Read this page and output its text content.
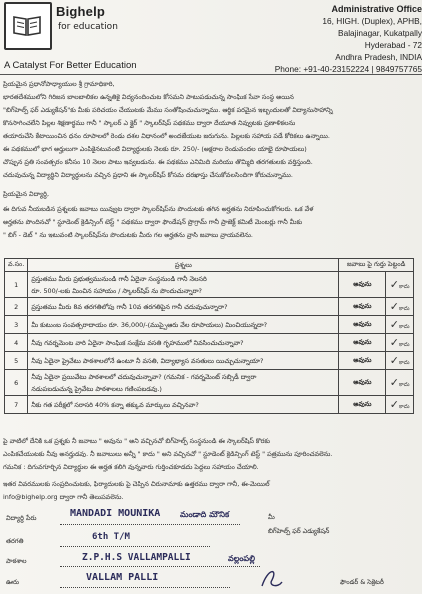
Bighelp
for education
A Catalyst For Better Education
Administrative Office
16, HIGH. (Duplex), APHB,
Balajinagar, Kukatpally
Hyderabad - 72
Andhra Pradesh, INDIA
Phone: +91-40-23152224 | 9849757765
ప్రియమైన ప్రధానోపాధ్యాయుల శ్రీ గ్రామాధికారి,
భారతదేశములోని గిరిజన బాలబాలికల ఉన్నతికై విద్యనందించుట కోసమని పాటుపడుచున్న సాంఘిక సేవా సంస్థ అయిన
"బిగ్‌హెల్ప్ ఫర్ ఎడ్యుకేషన్"కు మీకు పరిచయం చేయుటకు మేము సంతోషించుచున్నాము. ఆర్థిక పరమైన ఇబ్బందులతో విద్యానుసాహాన్ని
కొనసాగించలేని పిల్లల శిక్షణార్థము గానీ " స్కాలర్ ఎ క్లైర్ " స్కాలర్‌షిప్ పథకము ద్వారా దేయూత నివ్వుటకు ప్రణాళికలను
తయారుచేసి కేటాయించిన ధనం రూపాలలో రెండు దశల విధానంలో అందజేయుట జరుగును. పిల్లలకు సహాయ పడే కోరికలు ఉన్నాయి.
ఈ పథకములో భాగ అర్హులుగా ఎంపికైనటువంటి విద్యార్థులకు నెలకు రూ. 250/- (అక్షరాల రెండువందల యాభై రూపాయలు)
చొప్పున ప్రతి సంవత్సరం కనీసం 10 నెలల పాటు ఇవ్వబడును. ఈ పథకము ఎనిమిది మరియు తొమ్మిది తరగతులకు వర్తిస్తుంది.
చదువుచున్న విద్యార్థిని విద్యార్థులను వచ్చిన ప్రధాని ఈ స్కాలర్‌షిప్ కోసమ దరఖాస్తు చేసుకోవలసిందిగా కోరుచున్నాము.
ప్రియమైన విద్యార్థి,
ఈ దిగువ నీయబడిన ప్రశ్నలకు జవాబు యివ్వుట ద్వారా స్కాలర్‌షిప్‌ను పొందుటకు తగిన అర్హతను నిరూపించుకోగలరు. ఒక వేళ
అర్హతను పొందినచో " స్టూడెంట్ క్రెడిన్సింగ్ టెస్ట్ " పథకము ద్వారా ఫౌండేషన్ ప్రొగ్రామ్ గానీ ప్రాజెక్ట్ కమిటీ మెంబర్లు గానీ మీకు
" బిగ్ - డెబ్ " ను ఇటువంటి స్కాలర్‌షిప్‌ను పొందుటకు మీరు గల అర్హతను వ్రాసి జవాబు వ్రాయవలెను.
వ.సం.	ప్రశ్నలు	జవాబు పై గుర్తు పెట్టండి	
1	ప్రస్తుతము మీరు ప్రభుత్వమునుండి గానీ ఏదైనా సంస్థనుండి గానీ నెలసరి
రూ. 500/-లకు మించిన సహాయం / స్కాలర్‌షిప్ ను పొందుచున్నారా?	అవును	✓కాదు
2	ప్రస్తుతము మీరు 8వ తరగతిలోపు గానీ 10వ తరగతిపైన గానీ చదువుచున్నారా?	అవును	✓కాదు
3	మీ కుటుంబ సంవత్సరాదాయం రూ. 36,000/-(ముప్పైఆరు వేల రూపాయలు) మించియున్నదా?	అవును	✓కాదు
4	నీవు గవర్నమెంట వారి ఏదైనా సాంఘిక సంక్షేమ వసతి గృహములో నివసించుచున్నావా?	అవును	✓కాదు
5	నీవు ఏదైనా ప్రైవేటు పాఠశాలలోనే ఉంటూ నీ వసతి, విద్యాభ్యాస వసతులు యిచ్చుచున్నాయా?	అవును	✓కాదు
6	నీవు ఏదైనా ప్రయివేటు పాఠశాలలో చదువుచున్నావా? (గమనిక - గవర్నమెంట్ సబ్సిడీ ద్వారా
నడుపబడుచున్న ప్రైవేటు పాఠశాలలు గణింపబడవు.)	అవును	✓కాదు
7	నీకు గత పరీక్షలో సరాసరి 40% కన్నా తక్కువ మార్కులు వచ్చినవా?	అవును	✓కాదు
పై వాటిలో దేనికి ఒక ప్రశ్నకు నీ జవాబు " అవును " అని వచ్చినచో బిగ్‌హెల్ప్ సంస్థనుండి ఈ స్కాలర్‌షిప్ కొరకు
ఎంపికచేయుటకు నీవు అనర్హుడవు. నీ జవాబులు అన్నీ " కాదు " అని వచ్చినచో " స్టూడెంట్ క్రెడిన్సింగ్ టెస్ట్ " పత్రమును పూరించవలెను.
గమనిక : దిగువగూర్చిన విద్యార్థుల ఈ అర్హత కలిగి వున్నవారు గుర్తించకూడదు పెద్దలు సహాయం చేయాలి.
ఇతర వివరములకు సంప్రదించుటకు, ఫిర్యాదులకు పై చెప్పిన చిరునామాకు ఉత్తరము ద్వారా గానీ, ఈ-మెయిల్
info@bighelp.org ద్వారా గానీ తెలుపవలెను.
విద్యార్థి పేరు	MANDADI MOUNIKA మండాది మౌనిక	మీ
బిగ్‌హెల్ప్ ఫర్ ఎడ్యుకేషన్
తరగతి	6th T/M
పాఠశాల	Z.P.H.S VALLAMPALLI	వల్లంపల్లి
ఊరు	VALLAM PALLI	ఫౌండర్ & సెక్రెటరీ
